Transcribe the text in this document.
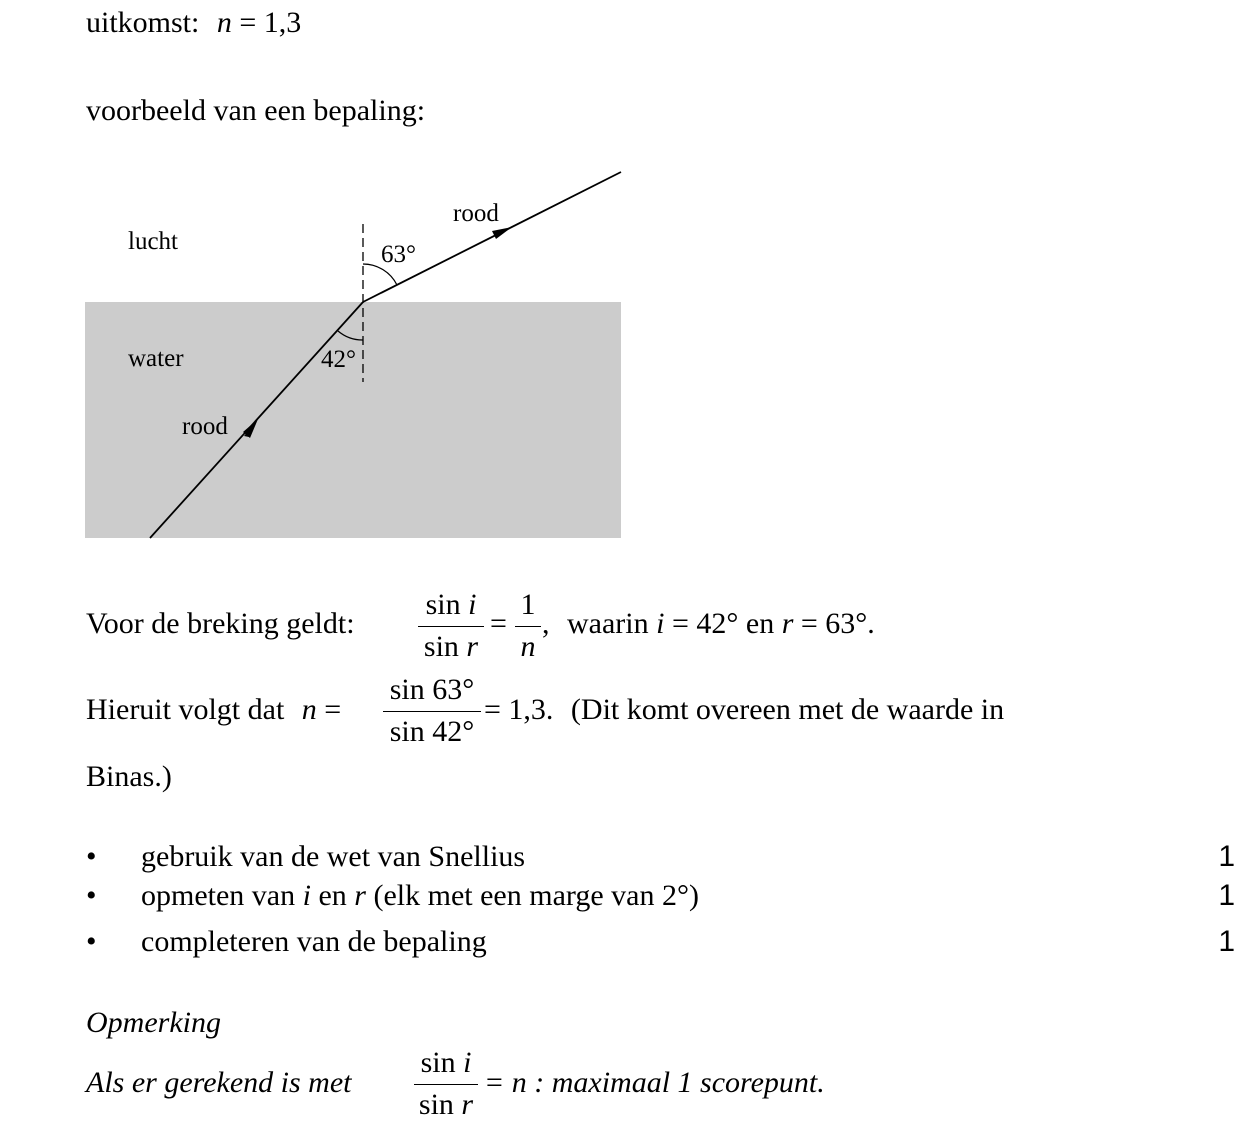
uitkomst: n = 1,3
voorbeeld van een bepaling:
lucht
water
rood
rood
63°
42°
Voor de breking geldt:
sin i
sin r
=
1
n
, waarin i = 42° en r = 63°.
Hieruit volgt dat n =
sin 63°
sin 42°
= 1,3. (Dit komt overeen met de waarde in
Binas.)
• gebruik van de wet van Snellius	1
• opmeten van i en r (elk met een marge van 2°)	1
• completeren van de bepaling	1
Opmerking
Als er gerekend is met
sin i
sin r
= n : maximaal 1 scorepunt.
